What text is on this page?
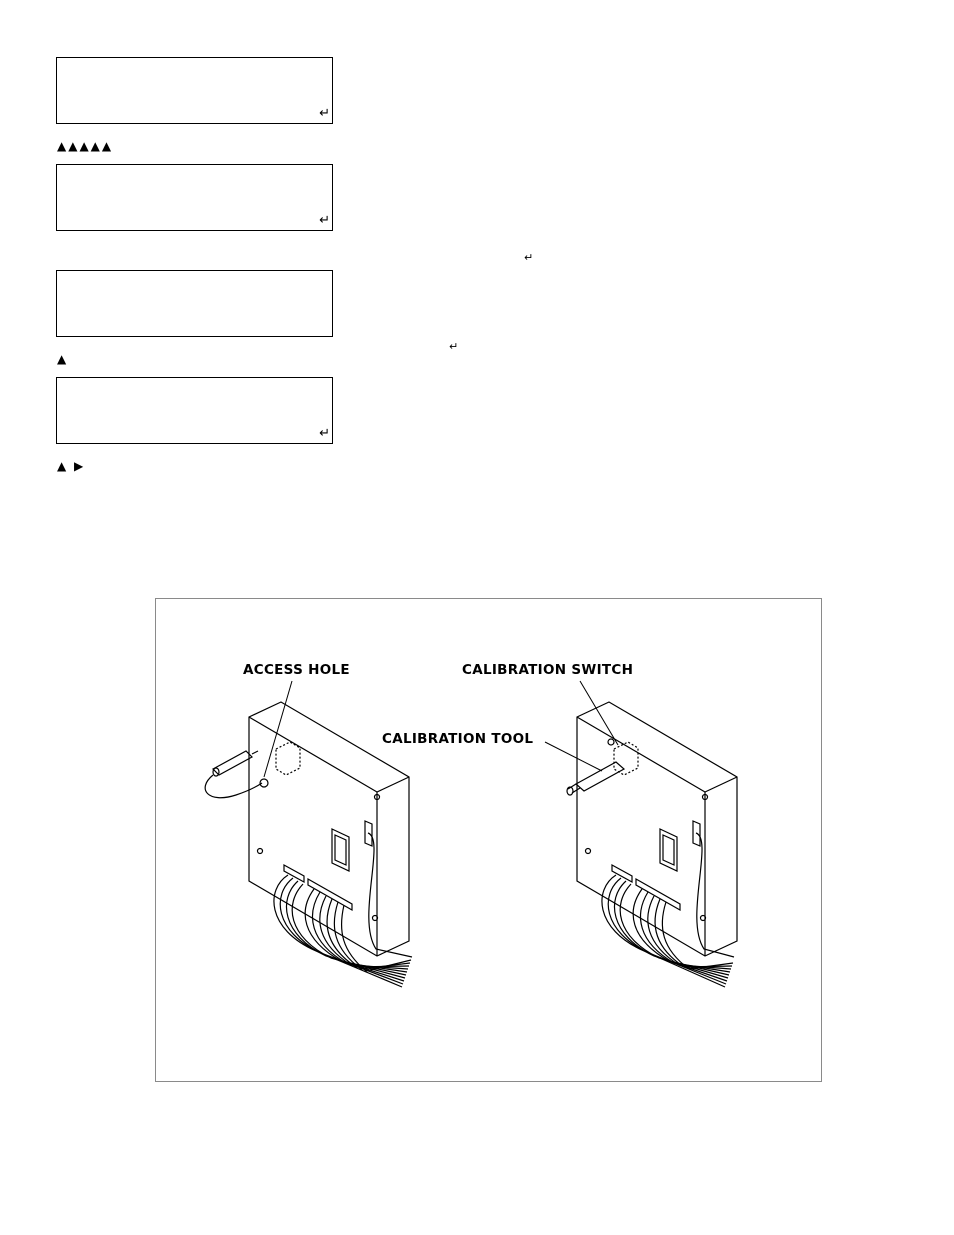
↵
▲▲▲▲▲
↵
↵
↵
▲
↵
▲ ▶
ACCESS HOLE	CALIBRATION SWITCH
CALIBRATION TOOL
